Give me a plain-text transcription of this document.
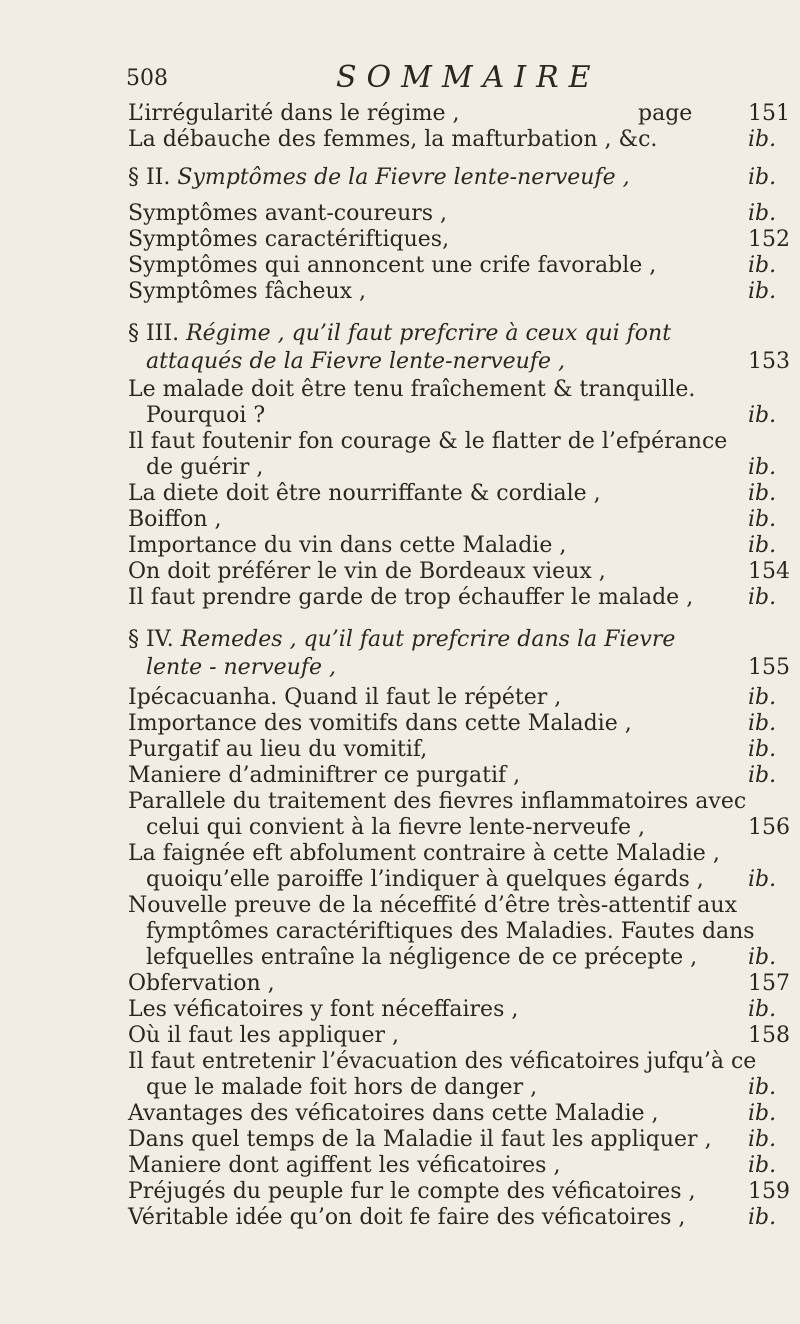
508	SOMMAIRE
L’irrégularité dans le régime ,	page	151
La débauche des femmes, la mafturbation , &c.	ib.
§ II. Symptômes de la Fievre lente-nerveufe ,	ib.
Symptômes avant-coureurs ,	ib.
Symptômes caractériftiques,	152
Symptômes qui annoncent une crife favorable ,	ib.
Symptômes fâcheux ,	ib.
§ III. Régime , qu’il faut prefcrire à ceux qui font
attaqués de la Fievre lente-nerveufe ,	153
Le malade doit être tenu fraîchement & tranquille.
Pourquoi ?	ib.
Il faut foutenir fon courage & le flatter de l’efpérance
de guérir ,	ib.
La diete doit être nourriffante & cordiale ,	ib.
Boiffon ,	ib.
Importance du vin dans cette Maladie ,	ib.
On doit préférer le vin de Bordeaux vieux ,	154
Il faut prendre garde de trop échauffer le malade , ib.
§ IV. Remedes , qu’il faut prefcrire dans la Fievre
lente - nerveufe ,	155
Ipécacuanha. Quand il faut le répéter ,	ib.
Importance des vomitifs dans cette Maladie ,	ib.
Purgatif au lieu du vomitif,	ib.
Maniere d’adminiftrer ce purgatif ,	ib.
Parallele du traitement des fievres inflammatoires avec
celui qui convient à la fievre lente-nerveufe ,	156
La faignée eft abfolument contraire à cette Maladie ,
quoiqu’elle paroiffe l’indiquer à quelques égards , ib.
Nouvelle preuve de la néceffité d’être très-attentif aux
fymptômes caractériftiques des Maladies. Fautes dans
lefquelles entraîne la négligence de ce précepte , ib.
Obfervation ,	157
Les véficatoires y font néceffaires ,	ib.
Où il faut les appliquer ,	158
Il faut entretenir l’évacuation des véficatoires jufqu’à ce
que le malade foit hors de danger ,	ib.
Avantages des véficatoires dans cette Maladie ,	ib.
Dans quel temps de la Maladie il faut les appliquer , ib.
Maniere dont agiffent les véficatoires ,	ib.
Préjugés du peuple fur le compte des véficatoires , 159
Véritable idée qu’on doit fe faire des véficatoires ,	ib.
